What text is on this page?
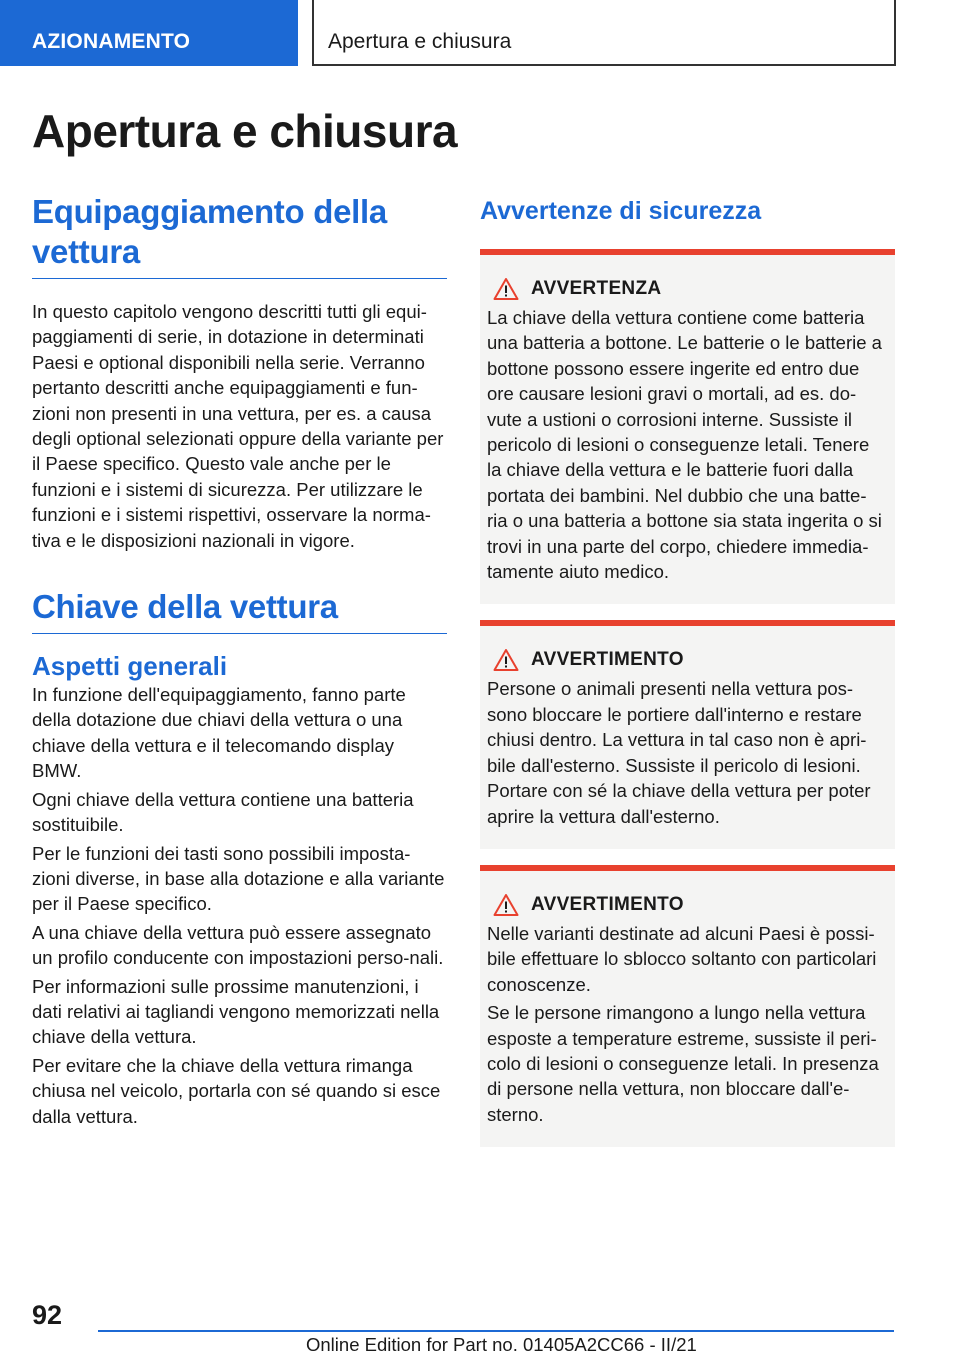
AZIONAMENTO	Apertura e chiusura
Apertura e chiusura
Equipaggiamento della vettura

In questo capitolo vengono descritti tutti gli equi-paggiamenti di serie, in dotazione in determinati Paesi e optional disponibili nella serie. Verranno pertanto descritti anche equipaggiamenti e fun-zioni non presenti in una vettura, per es. a causa degli optional selezionati oppure della variante per il Paese specifico. Questo vale anche per le funzioni e i sistemi di sicurezza. Per utilizzare le funzioni e i sistemi rispettivi, osservare la norma-tiva e le disposizioni nazionali in vigore.

Chiave della vettura
Aspetti generali

In funzione dell'equipaggiamento, fanno parte della dotazione due chiavi della vettura o una chiave della vettura e il telecomando display BMW.

Ogni chiave della vettura contiene una batteria sostituibile.

Per le funzioni dei tasti sono possibili imposta-zioni diverse, in base alla dotazione e alla variante per il Paese specifico.

A una chiave della vettura può essere assegnato un profilo conducente con impostazioni perso-nali.

Per informazioni sulle prossime manutenzioni, i dati relativi ai tagliandi vengono memorizzati nella chiave della vettura.

Per evitare che la chiave della vettura rimanga chiusa nel veicolo, portarla con sé quando si esce dalla vettura.

Avvertenze di sicurezza
AVVERTENZA

La chiave della vettura contiene come batteria una batteria a bottone. Le batterie o le batterie a bottone possono essere ingerite ed entro due ore causare lesioni gravi o mortali, ad es. do-vute a ustioni o corrosioni interne. Sussiste il pericolo di lesioni o conseguenze letali. Tenere la chiave della vettura e le batterie fuori dalla portata dei bambini. Nel dubbio che una batte-ria o una batteria a bottone sia stata ingerita o si trovi in una parte del corpo, chiedere immedia-tamente aiuto medico.

AVVERTIMENTO

Persone o animali presenti nella vettura pos-sono bloccare le portiere dall'interno e restare chiusi dentro. La vettura in tal caso non è apri-bile dall'esterno. Sussiste il pericolo di lesioni. Portare con sé la chiave della vettura per poter aprire la vettura dall'esterno.

AVVERTIMENTO

Nelle varianti destinate ad alcuni Paesi è possi-bile effettuare lo sblocco soltanto con particolari conoscenze.

Se le persone rimangono a lungo nella vettura esposte a temperature estreme, sussiste il peri-colo di lesioni o conseguenze letali. In presenza di persone nella vettura, non bloccare dall'e-sterno.

92
Online Edition for Part no. 01405A2CC66 - II/21
